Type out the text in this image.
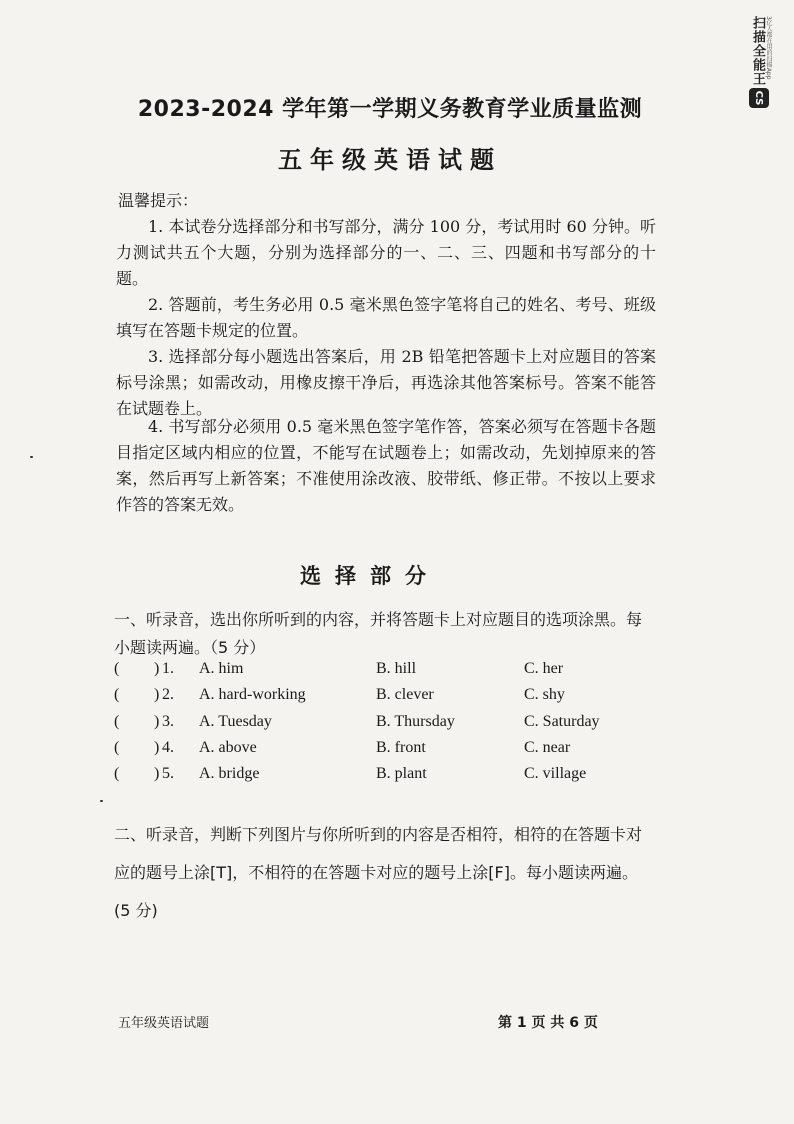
扫描全能王 3亿人都在用的扫描App
CS
2023-2024 学年第一学期义务教育学业质量监测
五年级英语试题
温馨提示：
1. 本试卷分选择部分和书写部分，满分 100 分，考试用时 60 分钟。听力测试共五个大题，分别为选择部分的一、二、三、四题和书写部分的十题。
2. 答题前，考生务必用 0.5 毫米黑色签字笔将自己的姓名、考号、班级填写在答题卡规定的位置。
3. 选择部分每小题选出答案后，用 2B 铅笔把答题卡上对应题目的答案标号涂黑；如需改动，用橡皮擦干净后，再选涂其他答案标号。答案不能答在试题卷上。
4. 书写部分必须用 0.5 毫米黑色签字笔作答，答案必须写在答题卡各题目指定区域内相应的位置，不能写在试题卷上；如需改动，先划掉原来的答案，然后再写上新答案；不准使用涂改液、胶带纸、修正带。不按以上要求作答的答案无效。
选择部分
一、听录音，选出你所听到的内容，并将答题卡上对应题目的选项涂黑。每小题读两遍。（5 分）
( ) 1. A. him	B. hill	C. her
( ) 2. A. hard-working	B. clever	C. shy
( ) 3. A. Tuesday	B. Thursday	C. Saturday
( ) 4. A. above	B. front	C. near
( ) 5. A. bridge	B. plant	C. village
二、听录音，判断下列图片与你所听到的内容是否相符，相符的在答题卡对应的题号上涂[T]，不相符的在答题卡对应的题号上涂[F]。每小题读两遍。(5 分)
五年级英语试题	第 1 页 共 6 页
